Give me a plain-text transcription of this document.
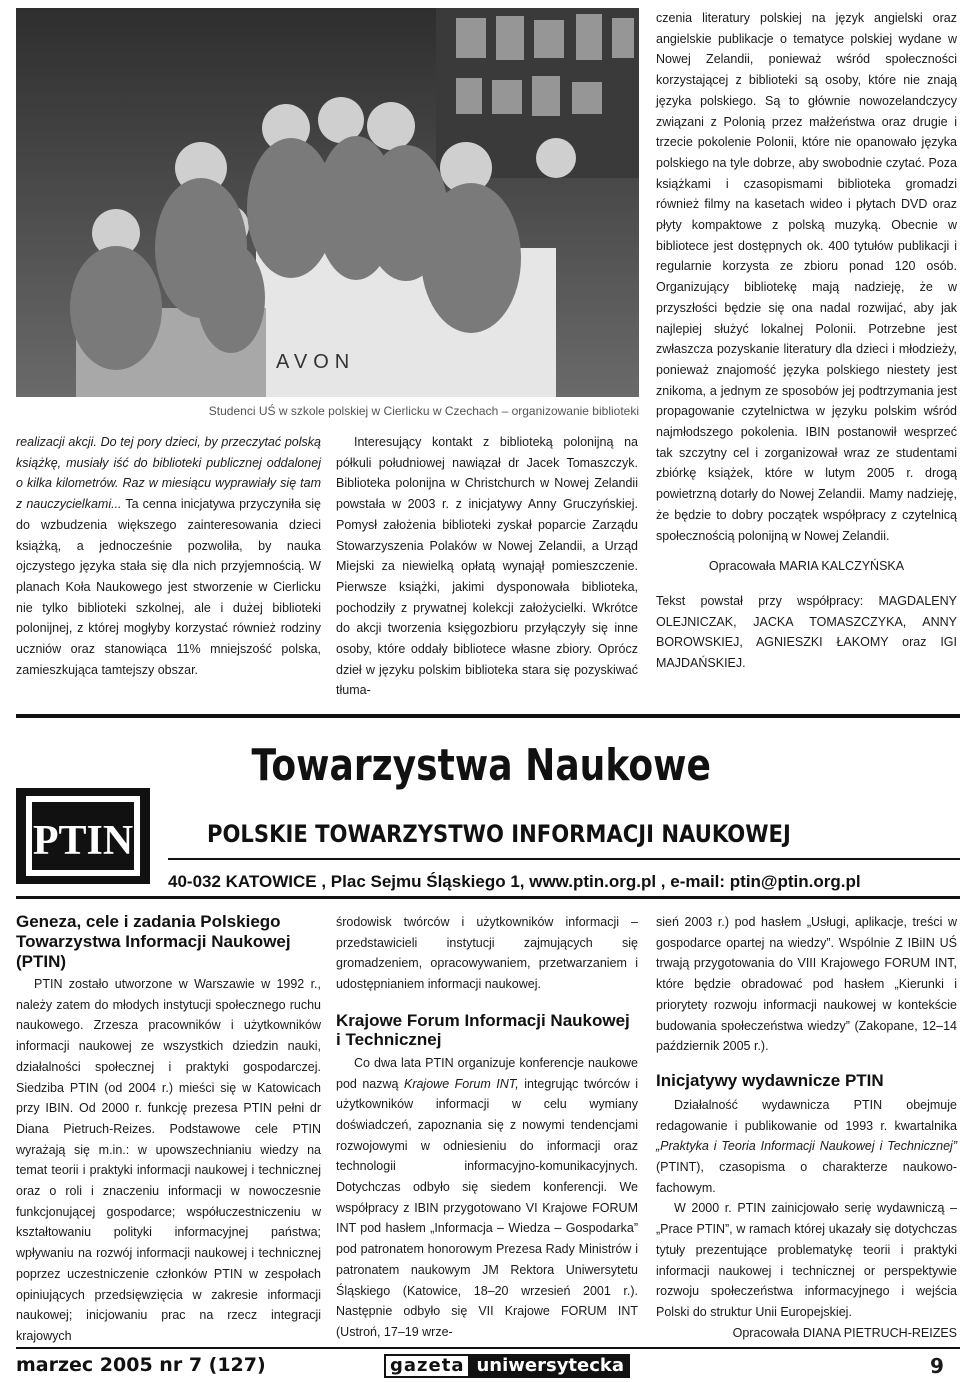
AVON
Studenci UŚ w szkole polskiej w Cierlicku w Czechach – organizowanie biblioteki

realizacji akcji. Do tej pory dzieci, by przeczytać polską książkę, musiały iść do biblioteki publicznej oddalonej o kilka kilometrów. Raz w miesiącu wyprawiały się tam z nauczycielkami... Ta cenna inicjatywa przyczyniła się do wzbudzenia większego zainteresowania dzieci książką, a jednocześnie pozwoliła, by nauka ojczystego języka stała się dla nich przyjemnością. W planach Koła Naukowego jest stworzenie w Cierlicku nie tylko biblioteki szkolnej, ale i dużej biblioteki polonijnej, z której mogłyby korzystać również rodziny uczniów oraz stanowiąca 11% mniejszość polska, zamieszkująca tamtejszy obszar.

Interesujący kontakt z biblioteką polonijną na półkuli południowej nawiązał dr Jacek Tomaszczyk. Biblioteka polonijna w Christchurch w Nowej Zelandii powstała w 2003 r. z inicjatywy Anny Gruczyńskiej. Pomysł założenia biblioteki zyskał poparcie Zarządu Stowarzyszenia Polaków w Nowej Zelandii, a Urząd Miejski za niewielką opłatą wynajął pomieszczenie. Pierwsze książki, jakimi dysponowała biblioteka, pochodziły z prywatnej kolekcji założycielki. Wkrótce do akcji tworzenia księgozbioru przyłączyły się inne osoby, które oddały bibliotece własne zbiory. Oprócz dzieł w języku polskim biblioteka stara się pozyskiwać tłuma-

czenia literatury polskiej na język angielski oraz angielskie publikacje o tematyce polskiej wydane w Nowej Zelandii, ponieważ wśród społeczności korzystającej z biblioteki są osoby, które nie znają języka polskiego. Są to głównie nowozelandczycy związani z Polonią przez małżeństwa oraz drugie i trzecie pokolenie Polonii, które nie opanowało języka polskiego na tyle dobrze, aby swobodnie czytać. Poza książkami i czasopismami biblioteka gromadzi również filmy na kasetach wideo i płytach DVD oraz płyty kompaktowe z polską muzyką. Obecnie w bibliotece jest dostępnych ok. 400 tytułów publikacji i regularnie korzysta ze zbioru ponad 120 osób. Organizujący bibliotekę mają nadzieję, że w przyszłości będzie się ona nadal rozwijać, aby jak najlepiej służyć lokalnej Polonii. Potrzebne jest zwłaszcza pozyskanie literatury dla dzieci i młodzieży, ponieważ znajomość języka polskiego niestety jest znikoma, a jednym ze sposobów jej podtrzymania jest propagowanie czytelnictwa w języku polskim wśród najmłodszego pokolenia. IBIN postanowił wesprzeć tak szczytny cel i zorganizował wraz ze studentami zbiórkę książek, które w lutym 2005 r. drogą powietrzną dotarły do Nowej Zelandii. Mamy nadzieję, że będzie to dobry początek współpracy z czytelnicą społecznością polonijną w Nowej Zelandii.

Opracowała MARIA KALCZYŃSKA

Tekst powstał przy współpracy: MAGDALENY OLEJNICZAK, JACKA TOMASZCZYKA, ANNY BOROWSKIEJ, AGNIESZKI ŁAKOMY oraz IGI MAJDAŃSKIEJ.

Towarzystwa Naukowe
PTIN	POLSKIE TOWARZYSTWO INFORMACJI NAUKOWEJ
40-032 KATOWICE , Plac Sejmu Śląskiego 1, www.ptin.org.pl , e-mail: ptin@ptin.org.pl
Geneza, cele i zadania Polskiego Towarzystwa Informacji Naukowej (PTIN)

PTIN zostało utworzone w Warszawie w 1992 r., należy zatem do młodych instytucji społecznego ruchu naukowego. Zrzesza pracowników i użytkowników informacji naukowej ze wszystkich dziedzin nauki, działalności społecznej i praktyki gospodarczej. Siedziba PTIN (od 2004 r.) mieści się w Katowicach przy IBIN. Od 2000 r. funkcję prezesa PTIN pełni dr Diana Pietruch-Reizes. Podstawowe cele PTIN wyrażają się m.in.: w upowszechnianiu wiedzy na temat teorii i praktyki informacji naukowej i technicznej oraz o roli i znaczeniu informacji w nowoczesnie funkcjonującej gospodarce; współuczestniczeniu w kształtowaniu polityki informacyjnej państwa; wpływaniu na rozwój informacji naukowej i technicznej poprzez uczestniczenie członków PTIN w zespołach opiniujących przedsięwzięcia w zakresie informacji naukowej; inicjowaniu prac na rzecz integracji krajowych

środowisk twórców i użytkowników informacji – przedstawicieli instytucji zajmujących się gromadzeniem, opracowywaniem, przetwarzaniem i udostępnianiem informacji naukowej.

Krajowe Forum Informacji Naukowej i Technicznej

Co dwa lata PTIN organizuje konferencje naukowe pod nazwą Krajowe Forum INT, integrując twórców i użytkowników informacji w celu wymiany doświadczeń, zapoznania się z nowymi tendencjami rozwojowymi w odniesieniu do informacji oraz technologii informacyjno-komunikacyjnych. Dotychczas odbyło się siedem konferencji. We współpracy z IBIN przygotowano VI Krajowe FORUM INT pod hasłem „Informacja – Wiedza – Gospodarka” pod patronatem honorowym Prezesa Rady Ministrów i patronatem naukowym JM Rektora Uniwersytetu Śląskiego (Katowice, 18–20 wrzesień 2001 r.). Następnie odbyło się VII Krajowe FORUM INT (Ustroń, 17–19 wrze-

sień 2003 r.) pod hasłem „Usługi, aplikacje, treści w gospodarce opartej na wiedzy”. Wspólnie Z IBiIN UŚ trwają przygotowania do VIII Krajowego FORUM INT, które będzie obradować pod hasłem „Kierunki i priorytety rozwoju informacji naukowej w kontekście budowania społeczeństwa wiedzy” (Zakopane, 12–14 październik 2005 r.).

Inicjatywy wydawnicze PTIN

Działalność wydawnicza PTIN obejmuje redagowanie i publikowanie od 1993 r. kwartalnika „Praktyka i Teoria Informacji Naukowej i Technicznej” (PTINT), czasopisma o charakterze naukowo-fachowym.

W 2000 r. PTIN zainicjowało serię wydawniczą – „Prace PTIN”, w ramach której ukazały się dotychczas tytuły prezentujące problematykę teorii i praktyki informacji naukowej i technicznej or perspektywie rozwoju społeczeństwa informacyjnego i wejścia Polski do struktur Unii Europejskiej.

Opracowała DIANA PIETRUCH-REIZES

marzec 2005 nr 7 (127)	gazeta uniwersytecka	9
